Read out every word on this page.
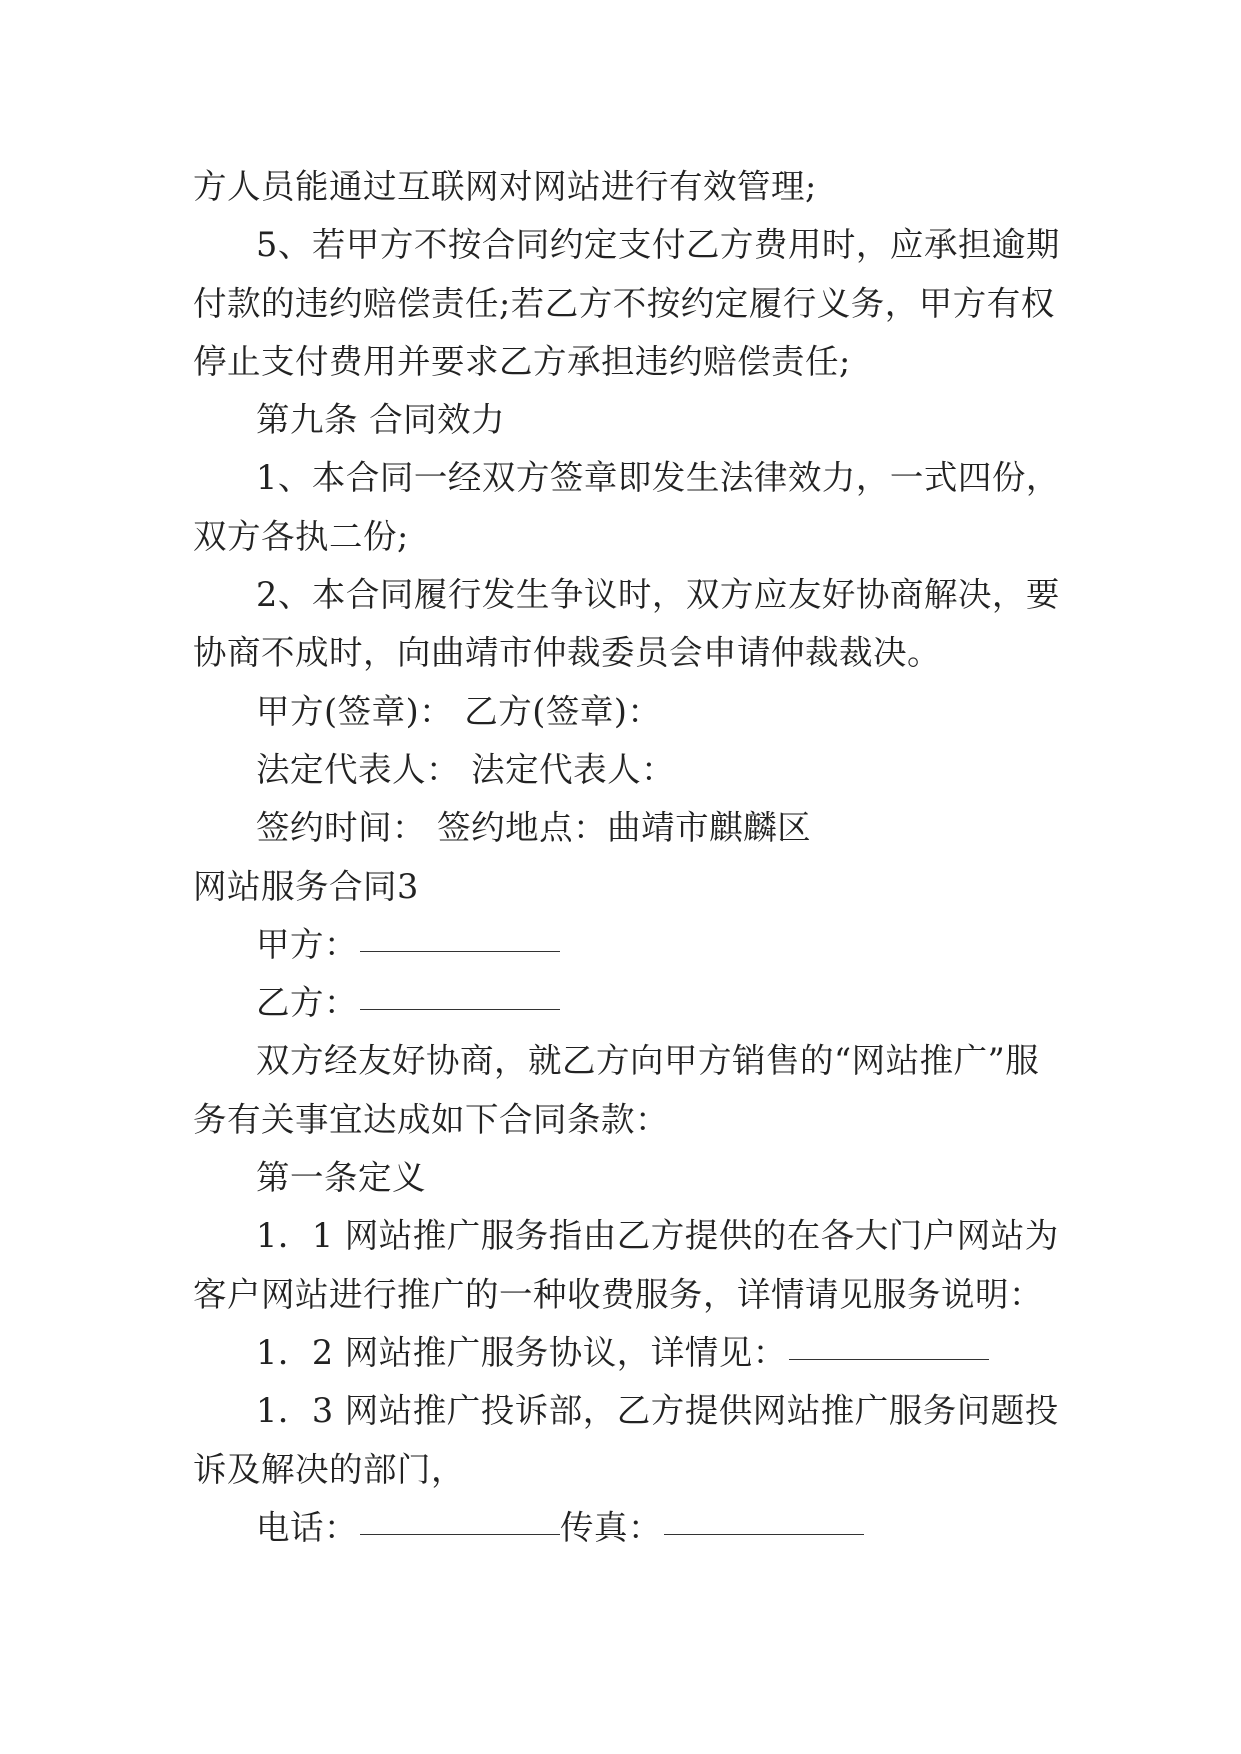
方人员能通过互联网对网站进行有效管理;
5、若甲方不按合同约定支付乙方费用时，应承担逾期
付款的违约赔偿责任;若乙方不按约定履行义务，甲方有权
停止支付费用并要求乙方承担违约赔偿责任;
第九条 合同效力
1、本合同一经双方签章即发生法律效力，一式四份，
双方各执二份;
2、本合同履行发生争议时，双方应友好协商解决，要
协商不成时，向曲靖市仲裁委员会申请仲裁裁决。
甲方(签章)： 乙方(签章)：
法定代表人： 法定代表人：
签约时间： 签约地点：曲靖市麒麟区
网站服务合同3
甲方：
乙方：
双方经友好协商，就乙方向甲方销售的“网站推广”服
务有关事宜达成如下合同条款：
第一条定义
1．1 网站推广服务指由乙方提供的在各大门户网站为
客户网站进行推广的一种收费服务，详情请见服务说明：
1．2 网站推广服务协议，详情见：
1．3 网站推广投诉部，乙方提供网站推广服务问题投
诉及解决的部门，
电话：	传真：
